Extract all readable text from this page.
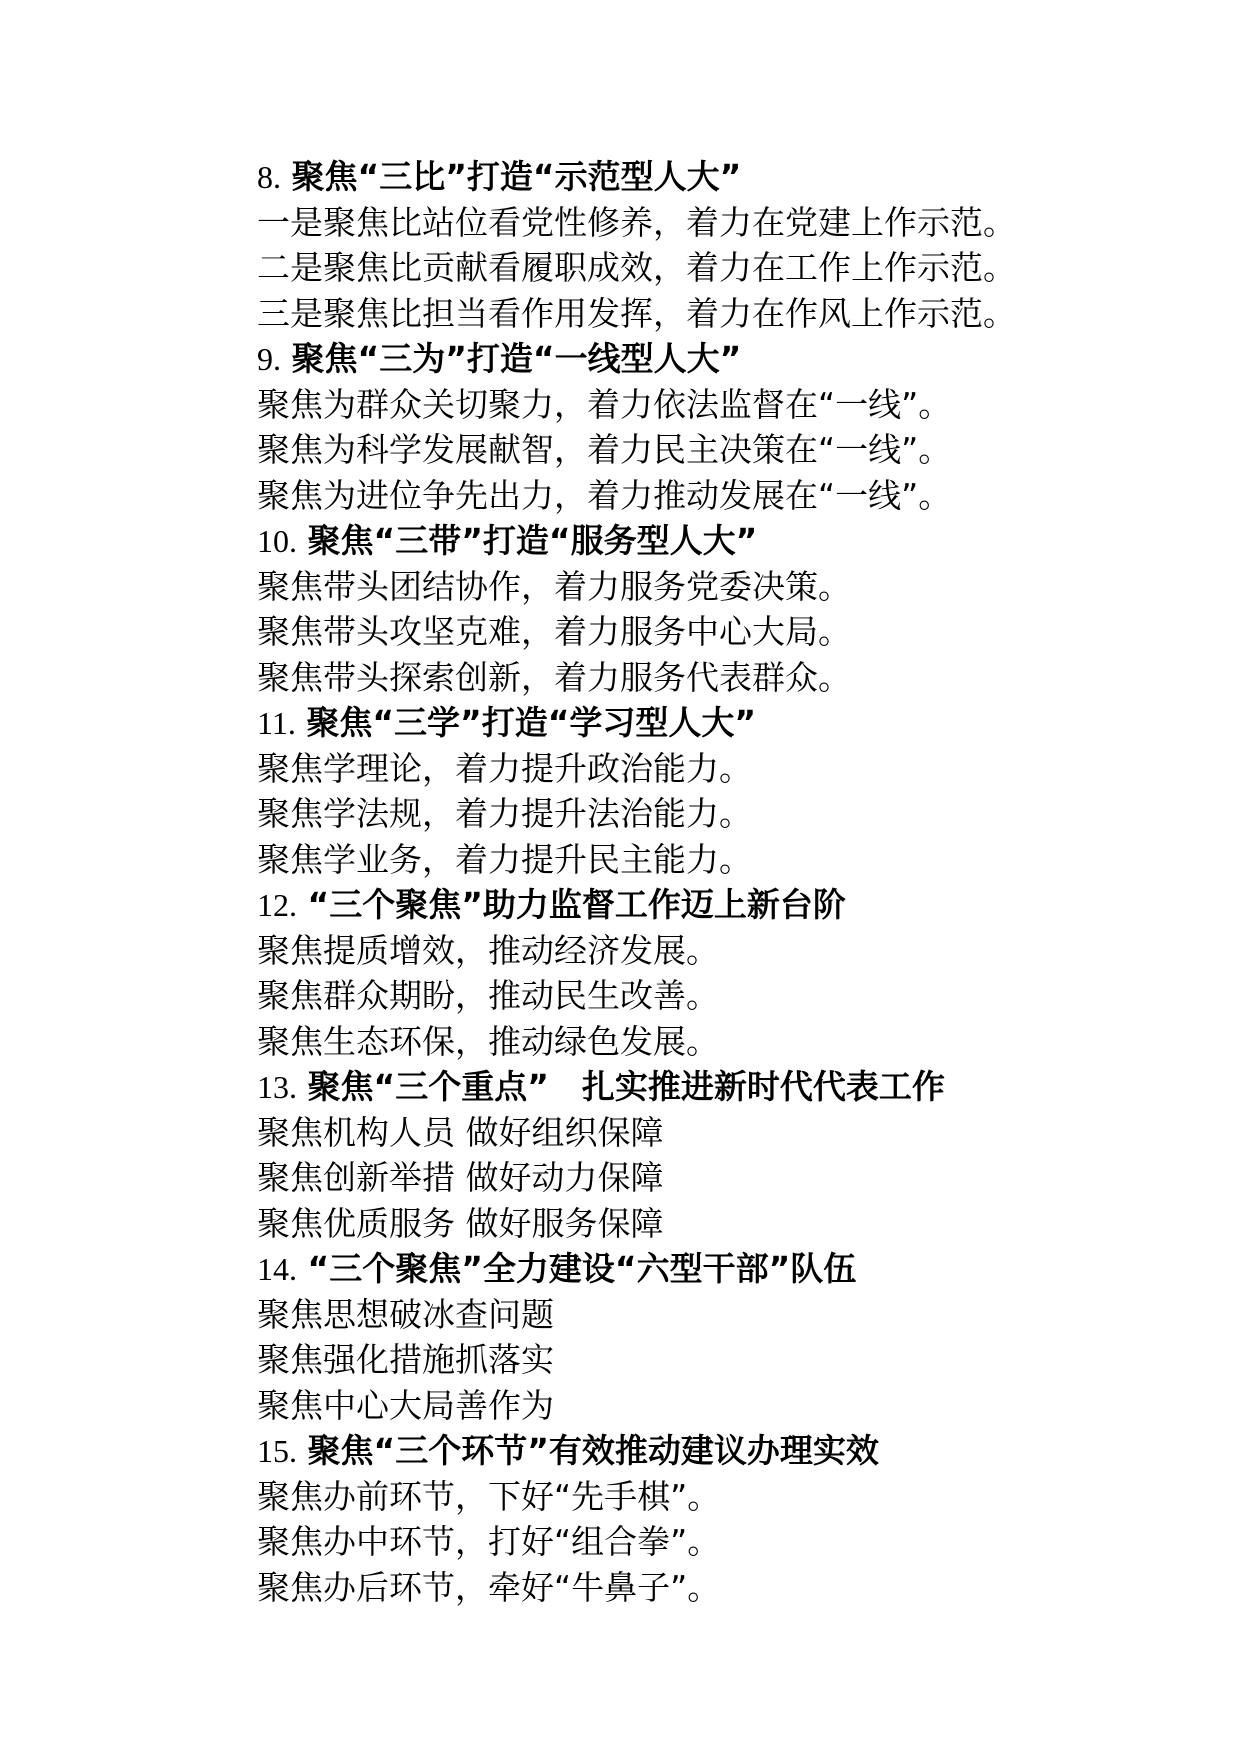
8. 聚焦“三比”打造“示范型人大”
一是聚焦比站位看党性修养，着力在党建上作示范。
二是聚焦比贡献看履职成效，着力在工作上作示范。
三是聚焦比担当看作用发挥，着力在作风上作示范。
9. 聚焦“三为”打造“一线型人大”
聚焦为群众关切聚力，着力依法监督在“一线”。
聚焦为科学发展献智，着力民主决策在“一线”。
聚焦为进位争先出力，着力推动发展在“一线”。
10. 聚焦“三带”打造“服务型人大”
聚焦带头团结协作，着力服务党委决策。
聚焦带头攻坚克难，着力服务中心大局。
聚焦带头探索创新，着力服务代表群众。
11. 聚焦“三学”打造“学习型人大”
聚焦学理论，着力提升政治能力。
聚焦学法规，着力提升法治能力。
聚焦学业务，着力提升民主能力。
12. “三个聚焦”助力监督工作迈上新台阶
聚焦提质增效，推动经济发展。
聚焦群众期盼，推动民生改善。
聚焦生态环保，推动绿色发展。
13. 聚焦“三个重点”　扎实推进新时代代表工作
聚焦机构人员 做好组织保障
聚焦创新举措 做好动力保障
聚焦优质服务 做好服务保障
14. “三个聚焦”全力建设“六型干部”队伍
聚焦思想破冰查问题
聚焦强化措施抓落实
聚焦中心大局善作为
15. 聚焦“三个环节”有效推动建议办理实效
聚焦办前环节，下好“先手棋”。
聚焦办中环节，打好“组合拳”。
聚焦办后环节，牵好“牛鼻子”。
